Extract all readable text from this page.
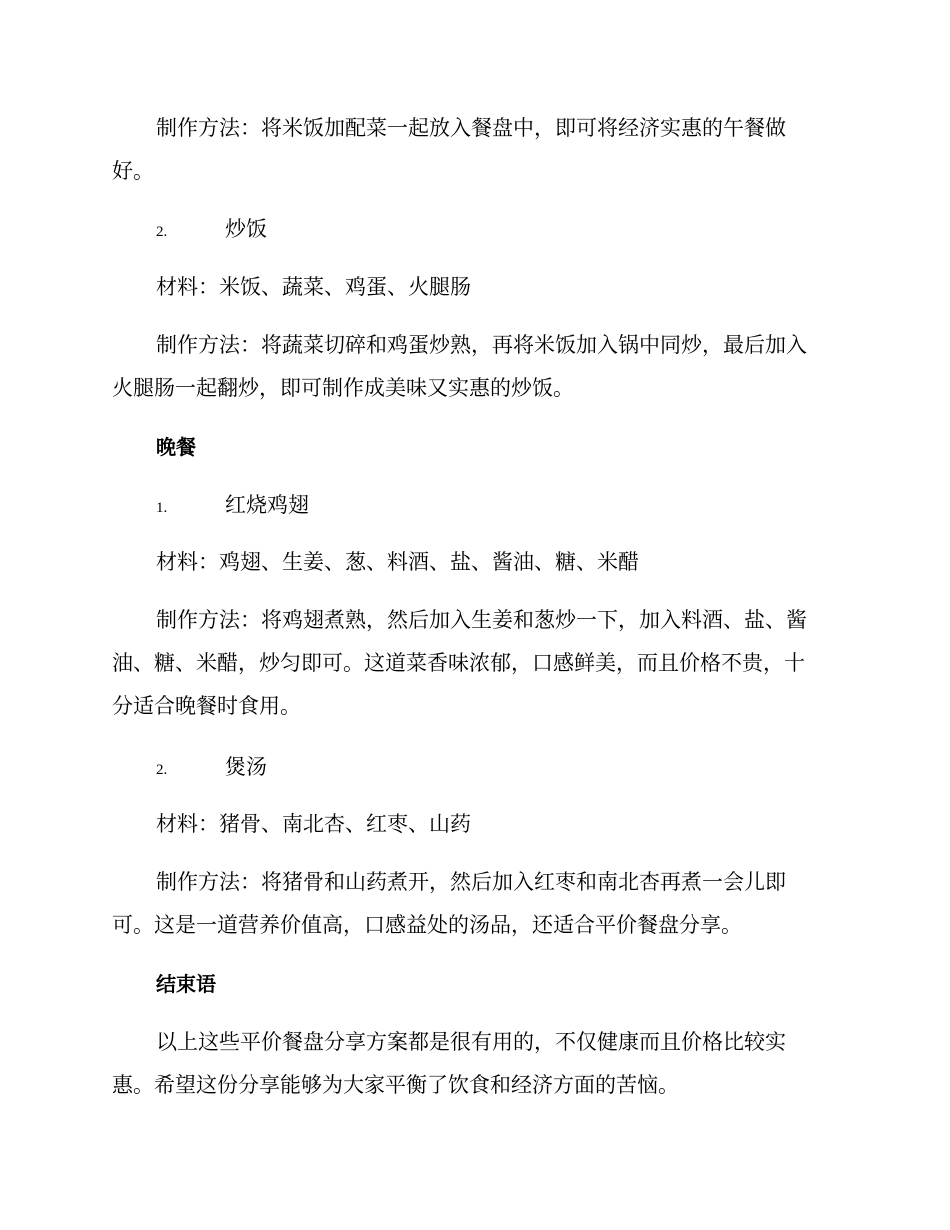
制作方法：将米饭加配菜一起放入餐盘中，即可将经济实惠的午餐做
好。
2.	炒饭
材料：米饭、蔬菜、鸡蛋、火腿肠
制作方法：将蔬菜切碎和鸡蛋炒熟，再将米饭加入锅中同炒，最后加入
火腿肠一起翻炒，即可制作成美味又实惠的炒饭。
晚餐
1.	红烧鸡翅
材料：鸡翅、生姜、葱、料酒、盐、酱油、糖、米醋
制作方法：将鸡翅煮熟，然后加入生姜和葱炒一下，加入料酒、盐、酱
油、糖、米醋，炒匀即可。这道菜香味浓郁，口感鲜美，而且价格不贵，十
分适合晚餐时食用。
2.	煲汤
材料：猪骨、南北杏、红枣、山药
制作方法：将猪骨和山药煮开，然后加入红枣和南北杏再煮一会儿即
可。这是一道营养价值高，口感益处的汤品，还适合平价餐盘分享。
结束语
以上这些平价餐盘分享方案都是很有用的，不仅健康而且价格比较实
惠。希望这份分享能够为大家平衡了饮食和经济方面的苦恼。
